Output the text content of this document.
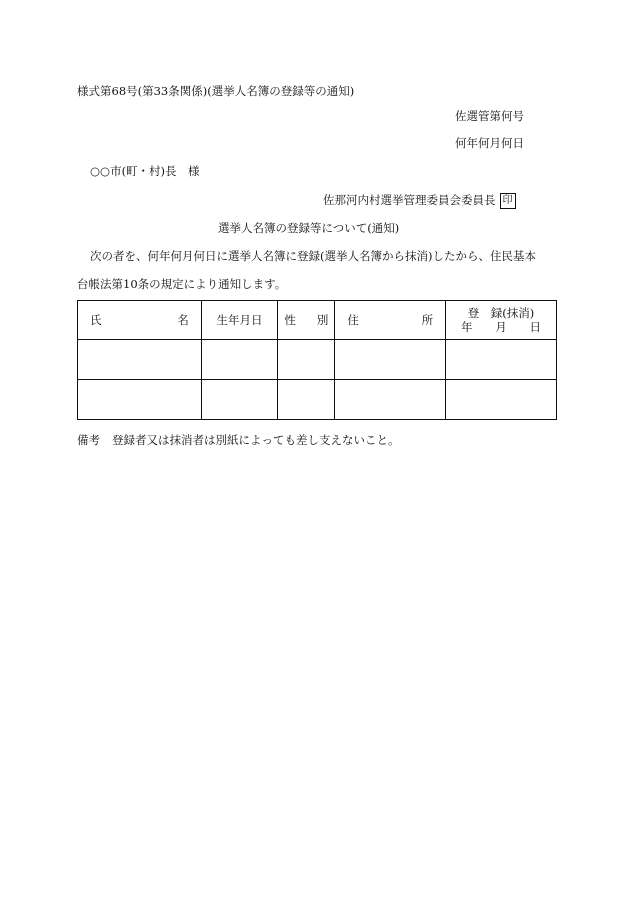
様式第68号(第33条関係)(選挙人名簿の登録等の通知)
佐選管第何号
何年何月何日
○○市(町・村)長　様
佐那河内村選挙管理委員会委員長 印
選挙人名簿の登録等について(通知)
次の者を、何年何月何日に選挙人名簿に登録(選挙人名簿から抹消)したから、住民基本
台帳法第10条の規定により通知します。
氏 名	生年月日	性 別	住 所	登　録(抹消)
年 月 日

備考 登録者又は抹消者は別紙によっても差し支えないこと。
